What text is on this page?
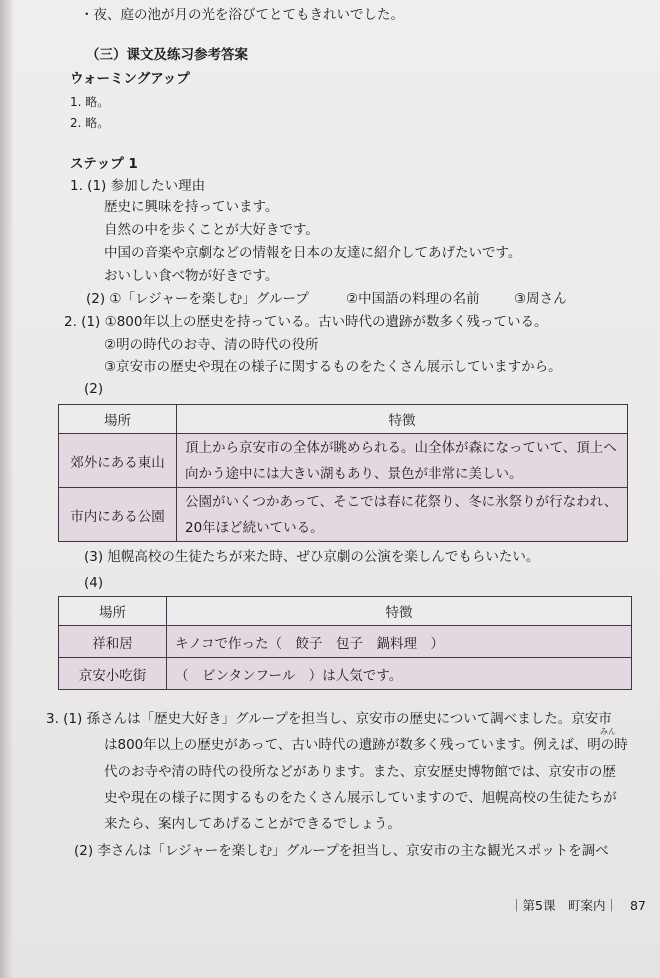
・夜、庭の池が月の光を浴びてとてもきれいでした。
（三）课文及练习参考答案
ウォーミングアップ
1. 略。
2. 略。
ステップ 1
1. (1) 参加したい理由
歴史に興味を持っています。
自然の中を歩くことが大好きです。
中国の音楽や京劇などの情報を日本の友達に紹介してあげたいです。
おいしい食べ物が好きです。
(2) ①「レジャーを楽しむ」グループ	②中国語の料理の名前	③周さん
2. (1) ①800年以上の歴史を持っている。古い時代の遺跡が数多く残っている。
②明の時代のお寺、清の時代の役所
③京安市の歴史や現在の様子に関するものをたくさん展示していますから。
(2)
場所	特徴
郊外にある東山	頂上から京安市の全体が眺められる。山全体が森になっていて、頂上へ
向かう途中には大きい湖もあり、景色が非常に美しい。

市内にある公園	公園がいくつかあって、そこでは春に花祭り、冬に氷祭りが行なわれ、
20年ほど続いている。
(3) 旭幌高校の生徒たちが来た時、ぜひ京劇の公演を楽しんでもらいたい。
(4)
場所	特徴
祥和居	キノコで作った（　餃子　包子　鍋料理　）
京安小吃街	（　ビンタンフール　）は人気です。
みん
3. (1) 孫さんは「歴史大好き」グループを担当し、京安市の歴史について調べました。京安市
は800年以上の歴史があって、古い時代の遺跡が数多く残っています。例えば、明の時
代のお寺や清の時代の役所などがあります。また、京安歴史博物館では、京安市の歴
史や現在の様子に関するものをたくさん展示していますので、旭幌高校の生徒たちが
来たら、案内してあげることができるでしょう。
(2) 李さんは「レジャーを楽しむ」グループを担当し、京安市の主な観光スポットを調べ
｜第5课　町案内｜ 87
